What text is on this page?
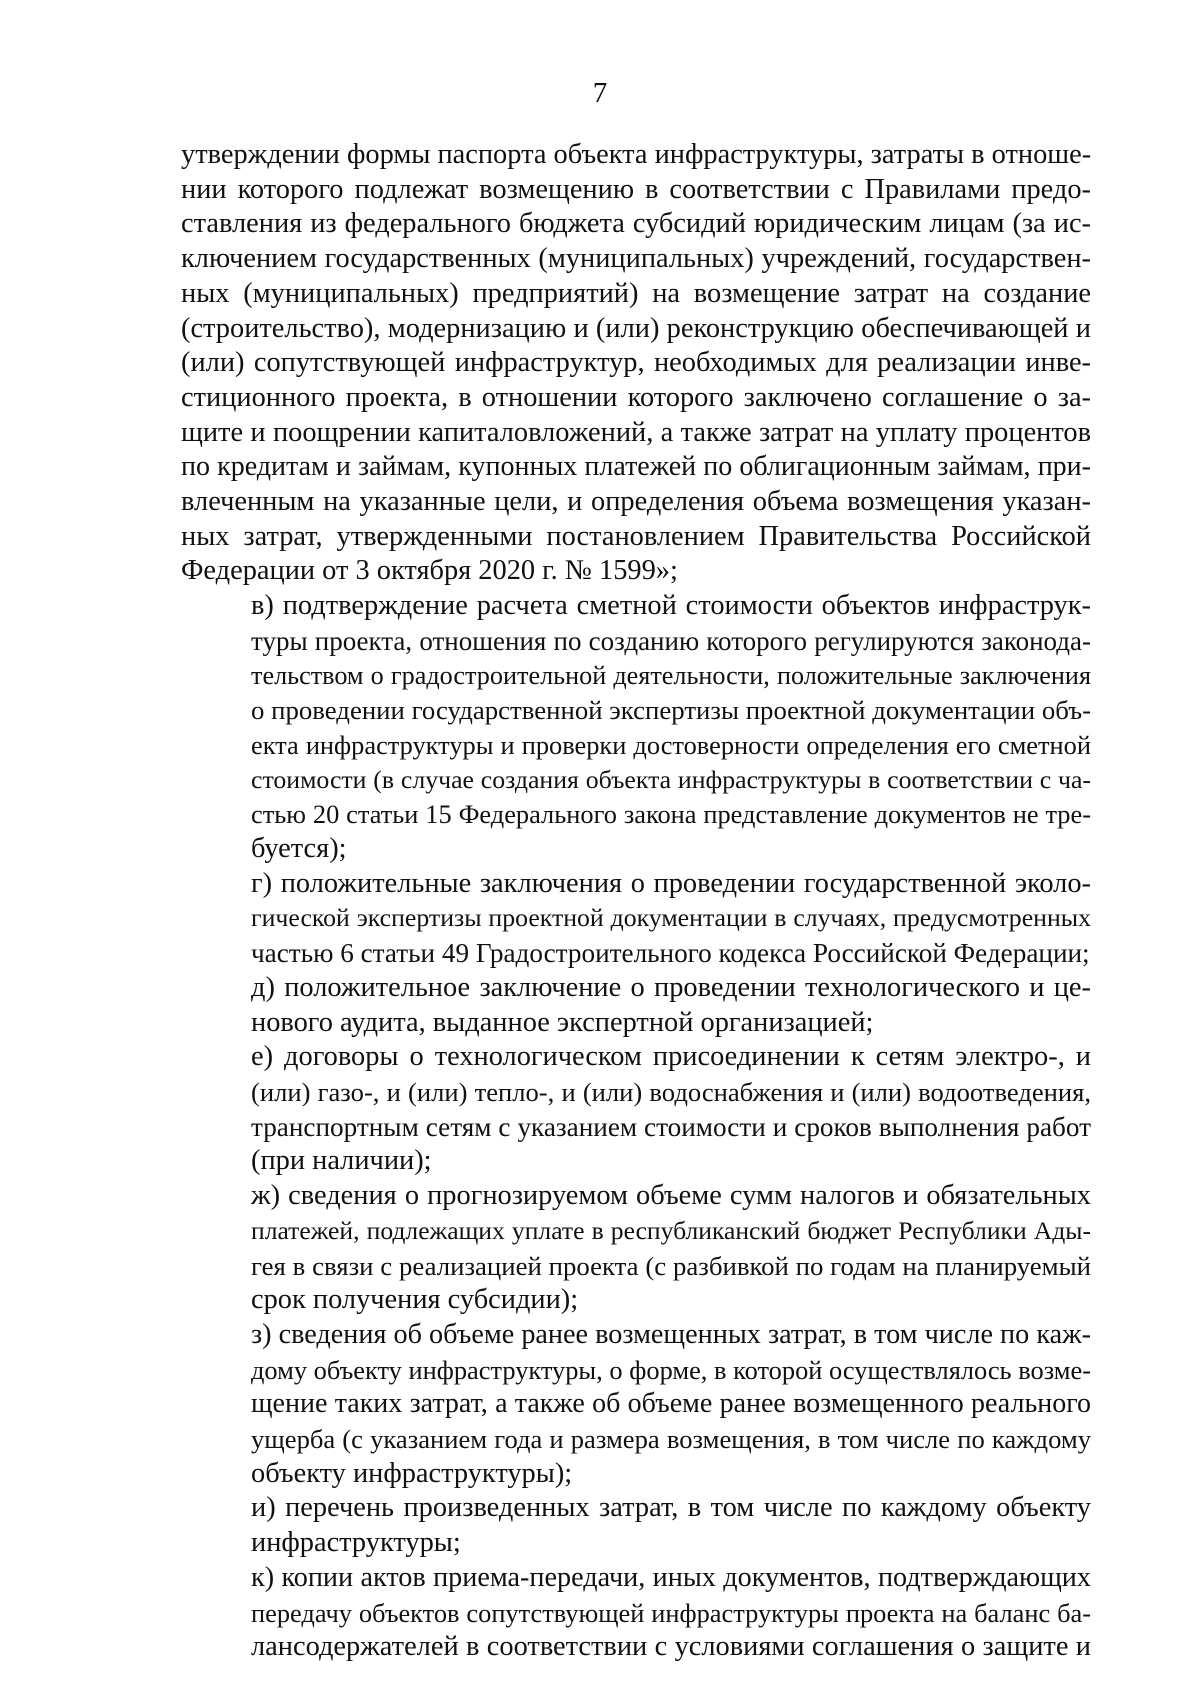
7
утверждении формы паспорта объекта инфраструктуры, затраты в отноше-
нии которого подлежат возмещению в соответствии с Правилами предо-
ставления из федерального бюджета субсидий юридическим лицам (за ис-
ключением государственных (муниципальных) учреждений, государствен-
ных (муниципальных) предприятий) на возмещение затрат на создание
(строительство), модернизацию и (или) реконструкцию обеспечивающей и
(или) сопутствующей инфраструктур, необходимых для реализации инве-
стиционного проекта, в отношении которого заключено соглашение о за-
щите и поощрении капиталовложений, а также затрат на уплату процентов
по кредитам и займам, купонных платежей по облигационным займам, при-
влеченным на указанные цели, и определения объема возмещения указан-
ных затрат, утвержденными постановлением Правительства Российской
Федерации от 3 октября 2020 г. № 1599»;
в) подтверждение расчета сметной стоимости объектов инфраструк-
туры проекта, отношения по созданию которого регулируются законода-
тельством о градостроительной деятельности, положительные заключения
о проведении государственной экспертизы проектной документации объ-
екта инфраструктуры и проверки достоверности определения его сметной
стоимости (в случае создания объекта инфраструктуры в соответствии с ча-
стью 20 статьи 15 Федерального закона представление документов не тре-
буется);
г) положительные заключения о проведении государственной эколо-
гической экспертизы проектной документации в случаях, предусмотренных
частью 6 статьи 49 Градостроительного кодекса Российской Федерации;
д) положительное заключение о проведении технологического и це-
нового аудита, выданное экспертной организацией;
е) договоры о технологическом присоединении к сетям электро-, и
(или) газо-, и (или) тепло-, и (или) водоснабжения и (или) водоотведения,
транспортным сетям с указанием стоимости и сроков выполнения работ
(при наличии);
ж) сведения о прогнозируемом объеме сумм налогов и обязательных
платежей, подлежащих уплате в республиканский бюджет Республики Ады-
гея в связи с реализацией проекта (с разбивкой по годам на планируемый
срок получения субсидии);
з) сведения об объеме ранее возмещенных затрат, в том числе по каж-
дому объекту инфраструктуры, о форме, в которой осуществлялось возме-
щение таких затрат, а также об объеме ранее возмещенного реального
ущерба (с указанием года и размера возмещения, в том числе по каждому
объекту инфраструктуры);
и) перечень произведенных затрат, в том числе по каждому объекту
инфраструктуры;
к) копии актов приема-передачи, иных документов, подтверждающих
передачу объектов сопутствующей инфраструктуры проекта на баланс ба-
лансодержателей в соответствии с условиями соглашения о защите и
